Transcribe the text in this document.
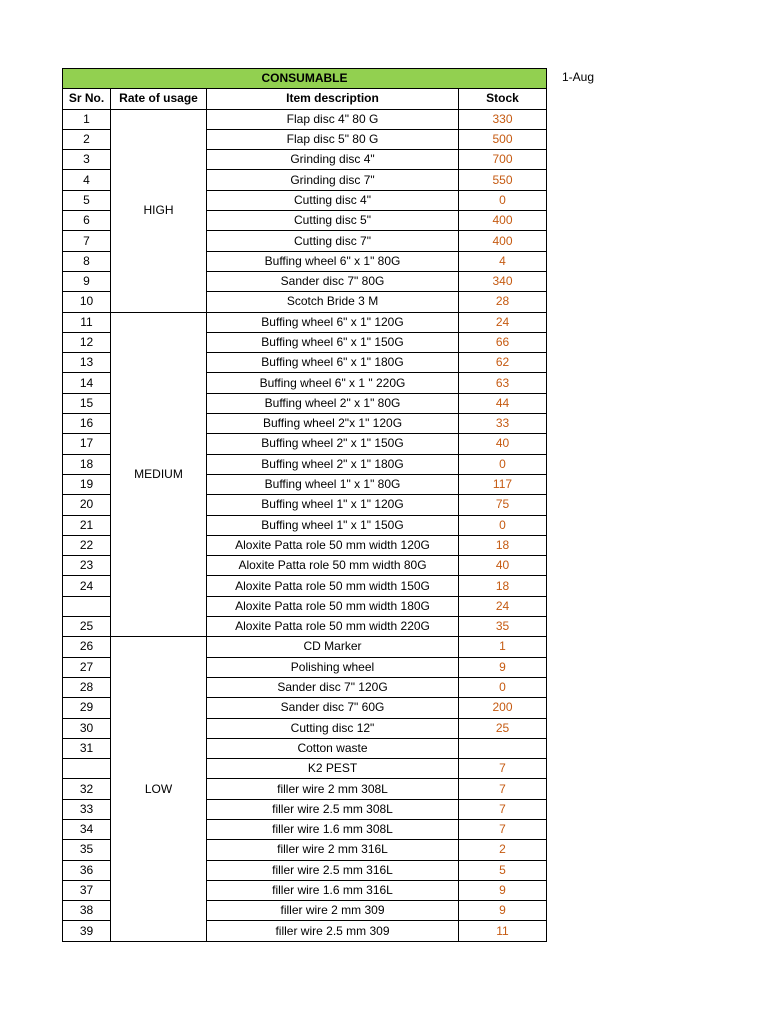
CONSUMABLE			
Sr No.	Rate of usage	Item description	Stock
1	HIGH	Flap disc 4" 80 G	330
2		Flap disc 5" 80 G	500
3		Grinding disc 4"	700
4		Grinding disc 7"	550
5		Cutting disc 4"	0
6		Cutting disc 5"	400
7		Cutting disc 7"	400
8		Buffing wheel 6" x 1" 80G	4
9		Sander disc 7" 80G	340
10		Scotch Bride 3 M	28
11	MEDIUM	Buffing wheel 6" x 1" 120G	24
12		Buffing wheel 6" x 1" 150G	66
13		Buffing wheel 6" x 1" 180G	62
14		Buffing wheel 6" x 1 " 220G	63
15		Buffing wheel 2" x 1" 80G	44
16		Buffing wheel 2"x 1" 120G	33
17		Buffing wheel 2" x 1" 150G	40
18		Buffing wheel 2" x 1" 180G	0
19		Buffing wheel 1" x 1" 80G	117
20		Buffing wheel 1" x 1" 120G	75
21		Buffing wheel 1" x 1" 150G	0
22		Aloxite Patta role 50 mm width 120G	18
23		Aloxite Patta role 50 mm width 80G	40
24		Aloxite Patta role 50 mm width 150G	18
		Aloxite Patta role 50 mm width 180G	24
25		Aloxite Patta role 50 mm width 220G	35
26	LOW	CD Marker	1
27		Polishing wheel	9
28		Sander disc 7" 120G	0
29		Sander disc 7" 60G	200
30		Cutting disc 12"	25
31		Cotton waste	
		K2 PEST	7
32		filler wire 2 mm 308L	7
33		filler wire 2.5 mm 308L	7
34		filler wire 1.6 mm 308L	7
35		filler wire 2 mm 316L	2
36		filler wire 2.5 mm 316L	5
37		filler wire 1.6 mm 316L	9
38		filler wire 2 mm 309	9
39		filler wire 2.5 mm 309	11
1-Aug
